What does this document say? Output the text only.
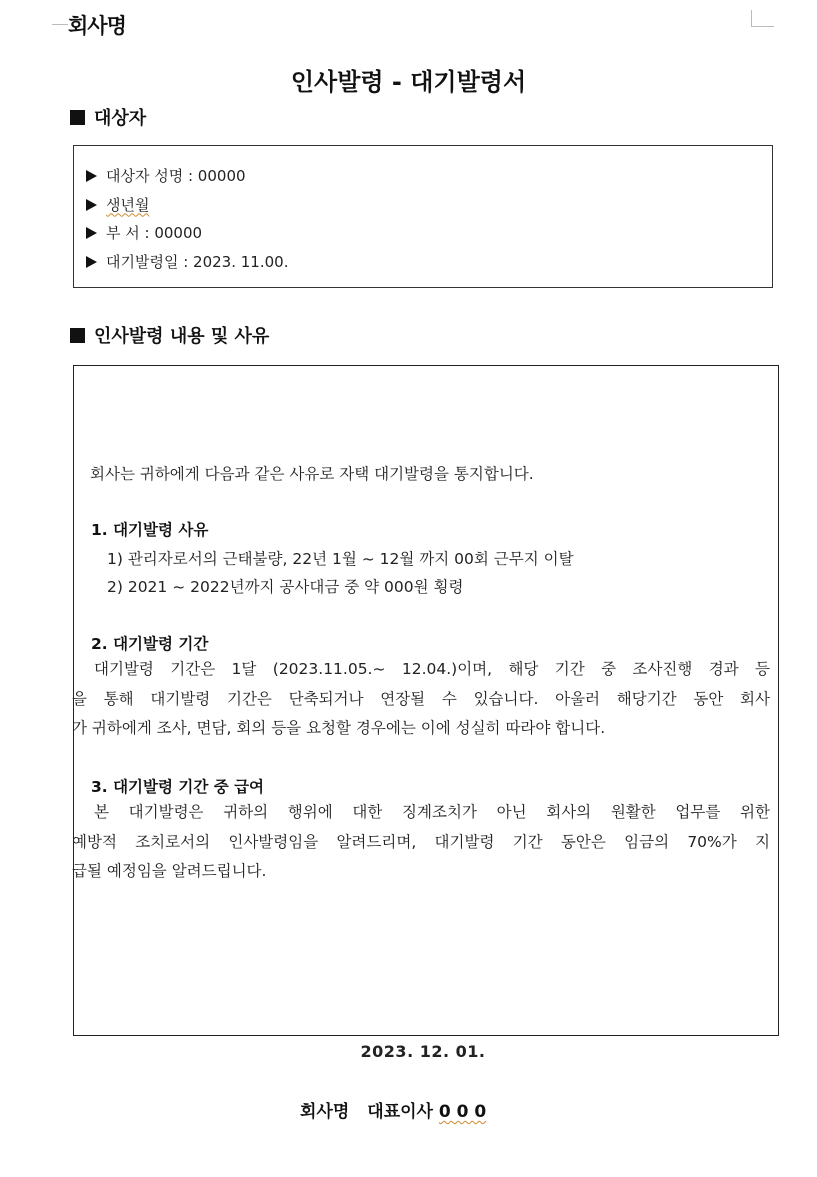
회사명
인사발령 - 대기발령서
대상자
대상자 성명 : 00000
생년월
부 서 : 00000
대기발령일 : 2023. 11.00.
인사발령 내용 및 사유
회사는 귀하에게 다음과 같은 사유로 자택 대기발령을 통지합니다.
1. 대기발령 사유
1) 관리자로서의 근태불량, 22년 1월 ~ 12월 까지 00회 근무지 이탈
2) 2021 ~ 2022년까지 공사대금 중 약 000원 횡령
2. 대기발령 기간
대기발령 기간은 1달 (2023.11.05.~ 12.04.)이며, 해당 기간 중 조사진행 경과 등
을 통해 대기발령 기간은 단축되거나 연장될 수 있습니다. 아울러 해당기간 동안 회사
가 귀하에게 조사, 면담, 회의 등을 요청할 경우에는 이에 성실히 따라야 합니다.
3. 대기발령 기간 중 급여
본 대기발령은 귀하의 행위에 대한 징계조치가 아닌 회사의 원활한 업무를 위한
예방적 조치로서의 인사발령임을 알려드리며, 대기발령 기간 동안은 임금의 70%가 지
급될 예정임을 알려드립니다.
2023. 12. 01.
회사명 대표이사 0 0 0
